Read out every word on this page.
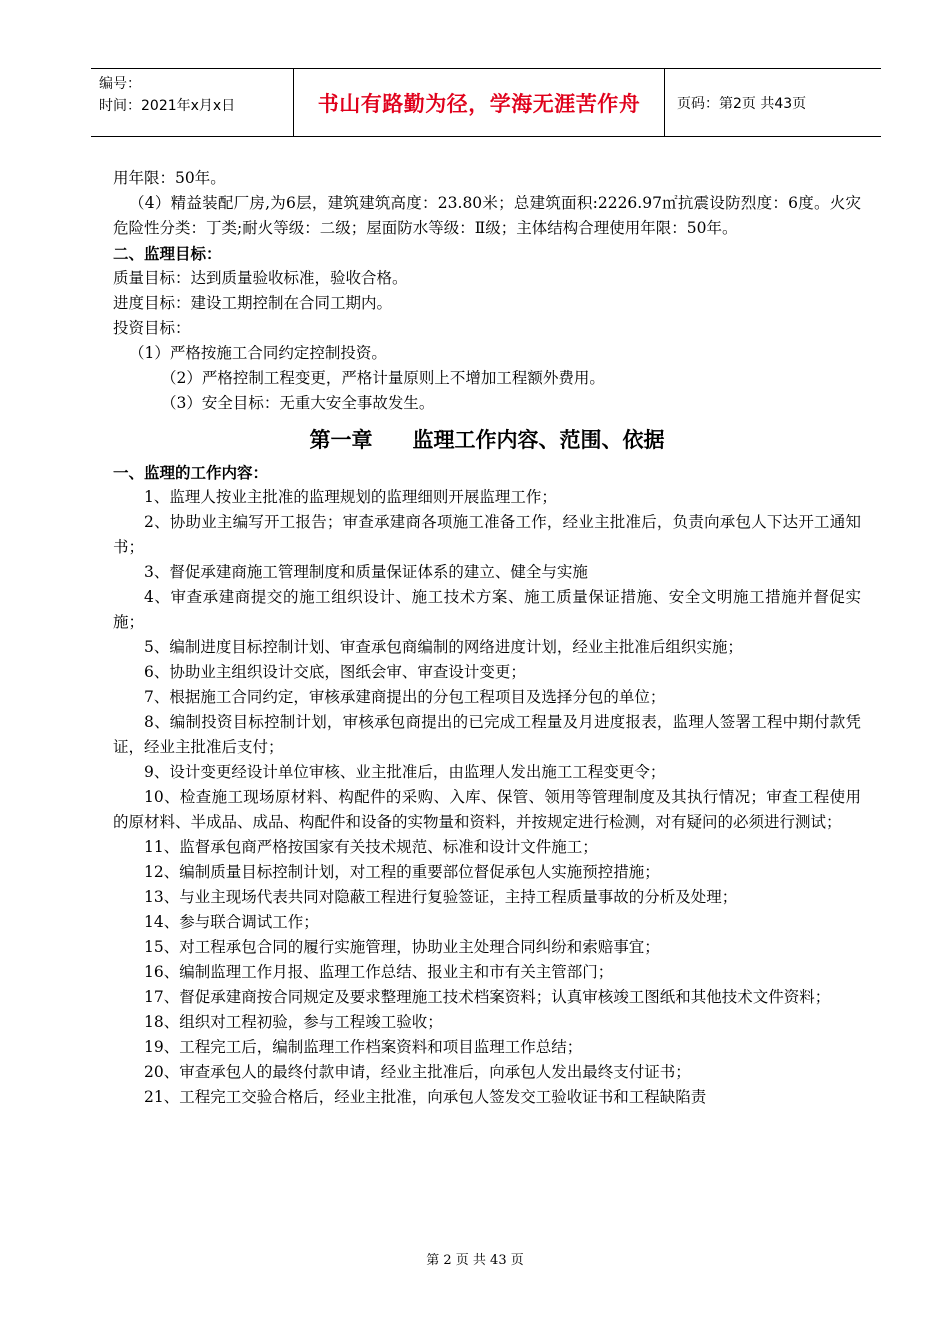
编号：
时间：2021年x月x日	书山有路勤为径，学海无涯苦作舟	页码：第2页 共43页

用年限：50年。

（4）精益装配厂房,为6层，建筑建筑高度：23.80米；总建筑面积:2226.97㎡抗震设防烈度：6度。火灾危险性分类：丁类;耐火等级：二级；屋面防水等级：Ⅱ级；主体结构合理使用年限：50年。

二、监理目标：

质量目标：达到质量验收标准，验收合格。

进度目标：建设工期控制在合同工期内。

投资目标：

（1）严格按施工合同约定控制投资。

（2）严格控制工程变更，严格计量原则上不增加工程额外费用。

（3）安全目标：无重大安全事故发生。

第一章 监理工作内容、范围、依据

一、监理的工作内容：

1、监理人按业主批准的监理规划的监理细则开展监理工作；

2、协助业主编写开工报告；审查承建商各项施工准备工作，经业主批准后，负责向承包人下达开工通知书；

3、督促承建商施工管理制度和质量保证体系的建立、健全与实施

4、审查承建商提交的施工组织设计、施工技术方案、施工质量保证措施、安全文明施工措施并督促实施；

5、编制进度目标控制计划、审查承包商编制的网络进度计划，经业主批准后组织实施；

6、协助业主组织设计交底，图纸会审、审查设计变更；

7、根据施工合同约定，审核承建商提出的分包工程项目及选择分包的单位；

8、编制投资目标控制计划，审核承包商提出的已完成工程量及月进度报表，监理人签署工程中期付款凭证，经业主批准后支付；

9、设计变更经设计单位审核、业主批准后，由监理人发出施工工程变更令；

10、检查施工现场原材料、构配件的采购、入库、保管、领用等管理制度及其执行情况；审查工程使用的原材料、半成品、成品、构配件和设备的实物量和资料，并按规定进行检测，对有疑问的必须进行测试；

11、监督承包商严格按国家有关技术规范、标准和设计文件施工；

12、编制质量目标控制计划，对工程的重要部位督促承包人实施预控措施；

13、与业主现场代表共同对隐蔽工程进行复验签证，主持工程质量事故的分析及处理；

14、参与联合调试工作；

15、对工程承包合同的履行实施管理，协助业主处理合同纠纷和索赔事宜；

16、编制监理工作月报、监理工作总结、报业主和市有关主管部门；

17、督促承建商按合同规定及要求整理施工技术档案资料；认真审核竣工图纸和其他技术文件资料；

18、组织对工程初验，参与工程竣工验收；

19、工程完工后，编制监理工作档案资料和项目监理工作总结；

20、审查承包人的最终付款申请，经业主批准后，向承包人发出最终支付证书；

21、工程完工交验合格后，经业主批准，向承包人签发交工验收证书和工程缺陷责

第 2 页 共 43 页
